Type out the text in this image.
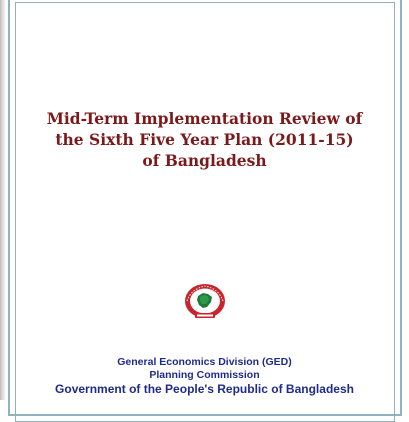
Mid-Term Implementation Review of
the Sixth Five Year Plan (2011-15)
of Bangladesh
General Economics Division (GED)
Planning Commission
Government of the People's Republic of Bangladesh
